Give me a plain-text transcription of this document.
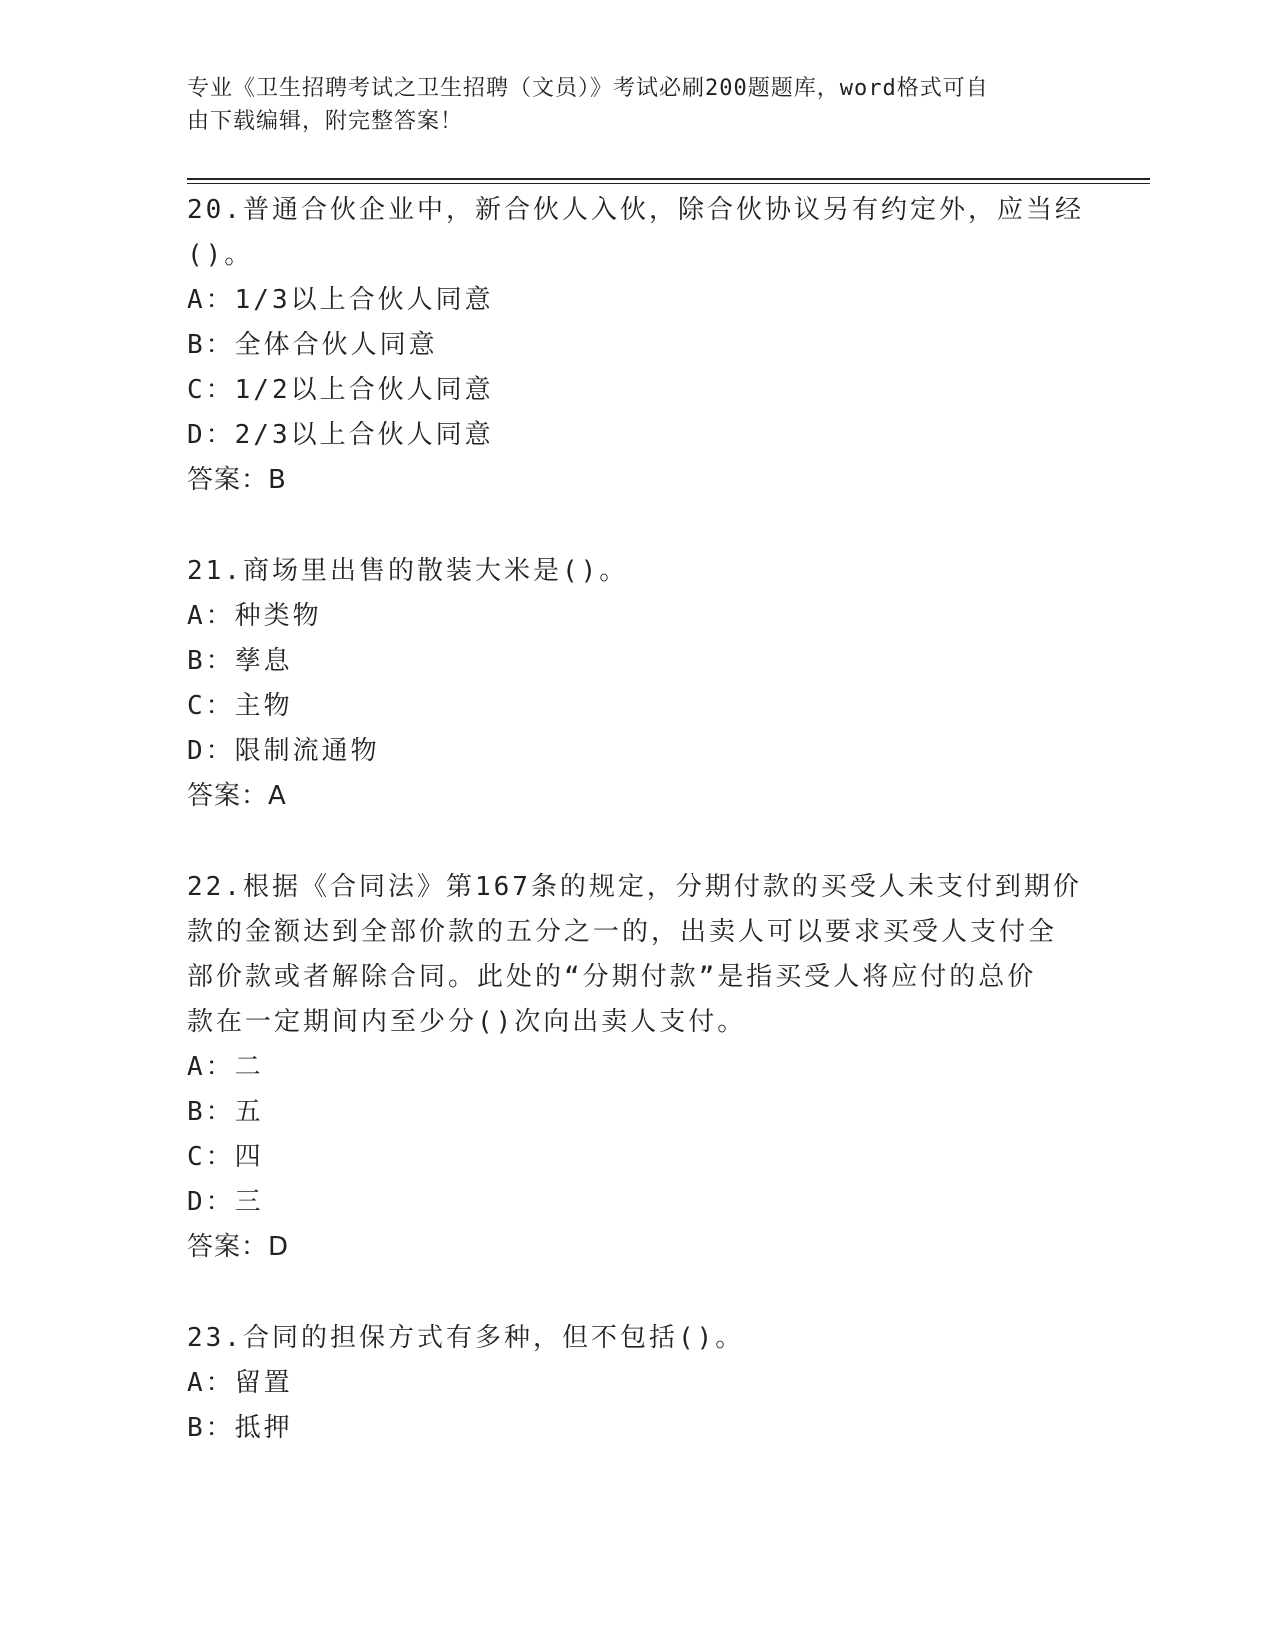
专业《卫生招聘考试之卫生招聘（文员）》考试必刷200题题库，word格式可自
由下载编辑，附完整答案！

20.普通合伙企业中，新合伙人入伙，除合伙协议另有约定外，应当经

()。

A：1/3以上合伙人同意

B：全体合伙人同意

C：1/2以上合伙人同意

D：2/3以上合伙人同意

答案：B

21.商场里出售的散装大米是()。

A：种类物

B：孳息

C：主物

D：限制流通物

答案：A

22.根据《合同法》第167条的规定，分期付款的买受人未支付到期价

款的金额达到全部价款的五分之一的，出卖人可以要求买受人支付全

部价款或者解除合同。此处的“分期付款”是指买受人将应付的总价

款在一定期间内至少分()次向出卖人支付。

A：二

B：五

C：四

D：三

答案：D

23.合同的担保方式有多种，但不包括()。

A：留置

B：抵押
